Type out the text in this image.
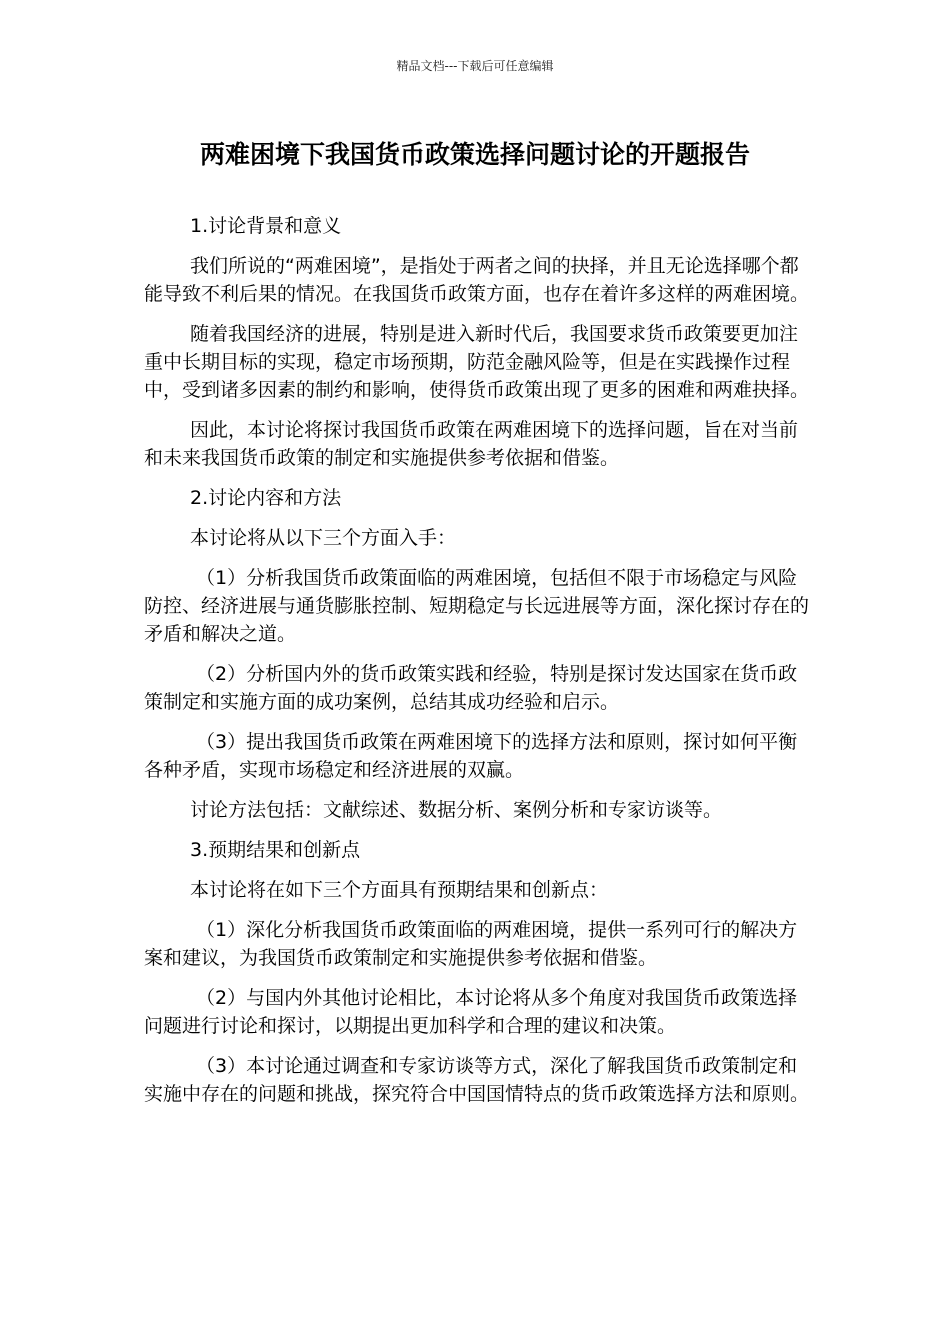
精品文档---下载后可任意编辑
两难困境下我国货币政策选择问题讨论的开题报告

1.讨论背景和意义

我们所说的“两难困境”，是指处于两者之间的抉择，并且无论选择哪个都能导致不利后果的情况。在我国货币政策方面，也存在着许多这样的两难困境。

随着我国经济的进展，特别是进入新时代后，我国要求货币政策要更加注重中长期目标的实现，稳定市场预期，防范金融风险等，但是在实践操作过程中，受到诸多因素的制约和影响，使得货币政策出现了更多的困难和两难抉择。

因此，本讨论将探讨我国货币政策在两难困境下的选择问题，旨在对当前和未来我国货币政策的制定和实施提供参考依据和借鉴。

2.讨论内容和方法

本讨论将从以下三个方面入手：

（1）分析我国货币政策面临的两难困境，包括但不限于市场稳定与风险防控、经济进展与通货膨胀控制、短期稳定与长远进展等方面，深化探讨存在的矛盾和解决之道。

（2）分析国内外的货币政策实践和经验，特别是探讨发达国家在货币政策制定和实施方面的成功案例，总结其成功经验和启示。

（3）提出我国货币政策在两难困境下的选择方法和原则，探讨如何平衡各种矛盾，实现市场稳定和经济进展的双赢。

讨论方法包括：文献综述、数据分析、案例分析和专家访谈等。

3.预期结果和创新点

本讨论将在如下三个方面具有预期结果和创新点：

（1）深化分析我国货币政策面临的两难困境，提供一系列可行的解决方案和建议，为我国货币政策制定和实施提供参考依据和借鉴。

（2）与国内外其他讨论相比，本讨论将从多个角度对我国货币政策选择问题进行讨论和探讨，以期提出更加科学和合理的建议和决策。

（3）本讨论通过调查和专家访谈等方式，深化了解我国货币政策制定和实施中存在的问题和挑战，探究符合中国国情特点的货币政策选择方法和原则。
